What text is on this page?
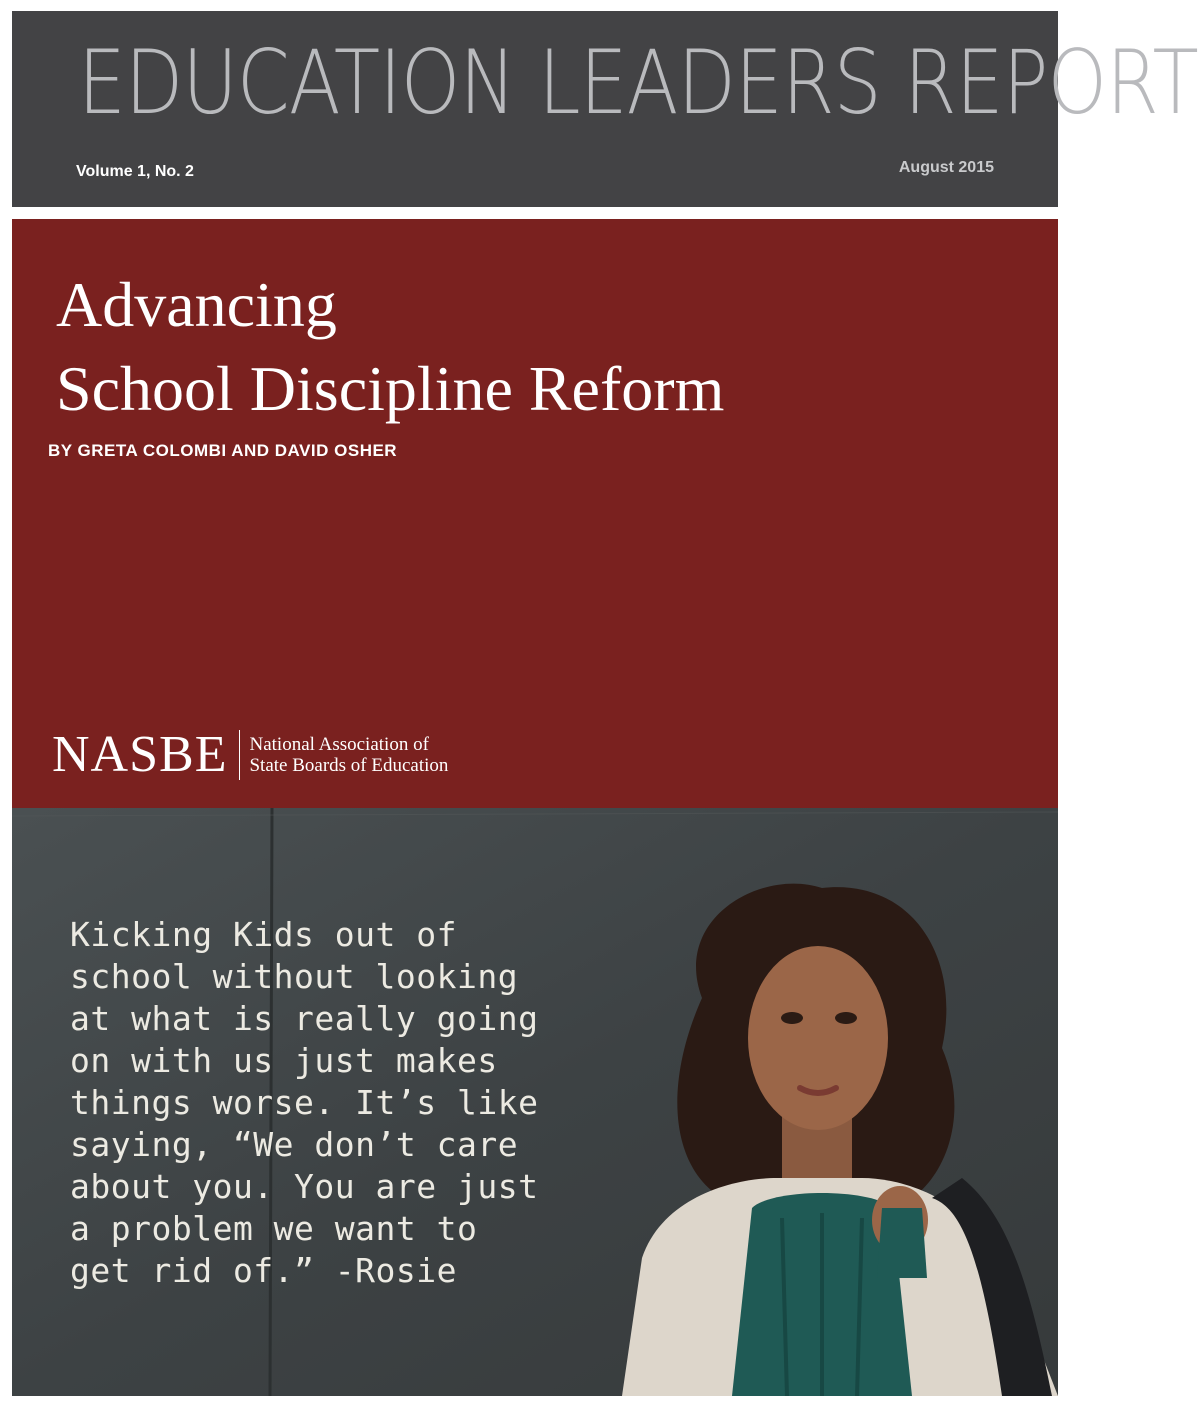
EDUCATION LEADERS REPORT
Volume 1, No. 2	August 2015
Advancing
School Discipline Reform
BY GRETA COLOMBI AND DAVID OSHER
NASBE National Association of
State Boards of Education
Kicking Kids out of
school without looking
at what is really going
on with us just makes
things worse. It’s like
saying, “We don’t care
about you. You are just
a problem we want to
get rid of.” -Rosie
